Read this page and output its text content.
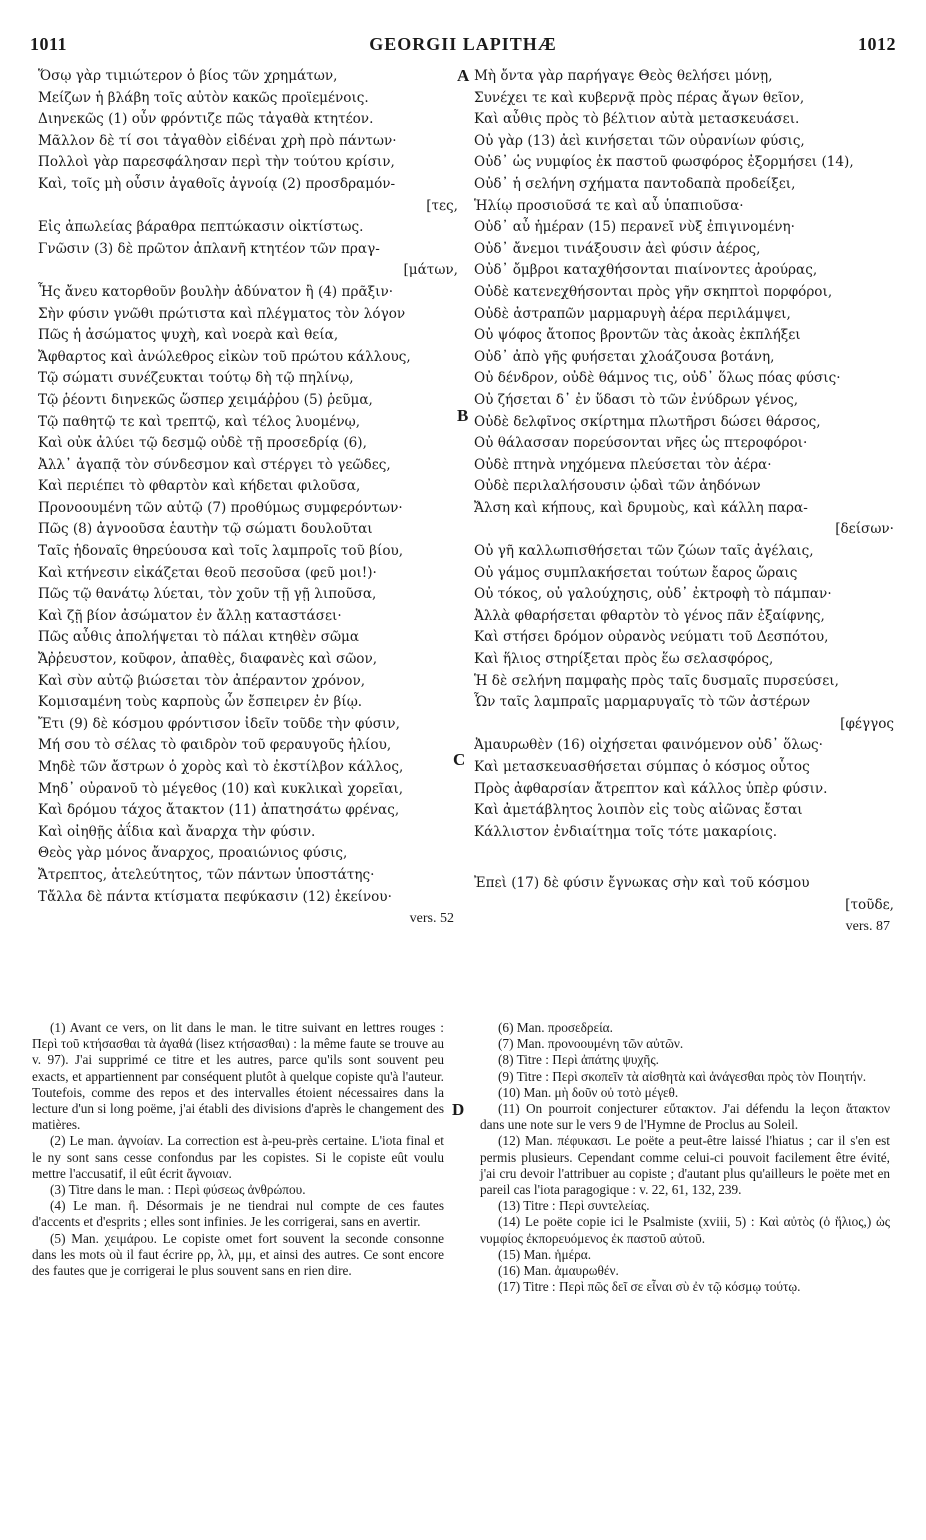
1011	GEORGII LAPITHÆ	1012
A
B
C
D
Ὅσῳ γὰρ τιμιώτερον ὁ βίος τῶν χρημάτων,
Μείζων ἡ βλάβη τοῖς αὐτὸν κακῶς προϊεμένοις.
Διηνεκῶς (1) οὖν φρόντιζε πῶς τἀγαθὰ κτητέον.
Μᾶλλον δὲ τί σοι τἀγαθὸν εἰδέναι χρὴ πρὸ πάντων·
Πολλοὶ γὰρ παρεσφάλησαν περὶ τὴν τούτου κρίσιν,
Καὶ, τοῖς μὴ οὖσιν ἀγαθοῖς ἀγνοίᾳ (2) προσδραμόν-
[τες,
Εἰς ἀπωλείας βάραθρα πεπτώκασιν οἰκτίστως.
Γνῶσιν (3) δὲ πρῶτον ἀπλανῆ κτητέον τῶν πραγ-
[μάτων,
Ἧς ἄνευ κατορθοῦν βουλὴν ἀδύνατον ἢ (4) πρᾶξιν·
Σὴν φύσιν γνῶθι πρώτιστα καὶ πλέγματος τὸν λόγον
Πῶς ἡ ἀσώματος ψυχὴ, καὶ νοερὰ καὶ θεία,
Ἄφθαρτος καὶ ἀνώλεθρος εἰκὼν τοῦ πρώτου κάλλους,
Τῷ σώματι συνέζευκται τούτῳ δὴ τῷ πηλίνῳ,
Τῷ ῥέοντι διηνεκῶς ὥσπερ χειμάῤῥου (5) ῥεῦμα,
Τῷ παθητῷ τε καὶ τρεπτῷ, καὶ τέλος λυομένῳ,
Καὶ οὐκ ἀλύει τῷ δεσμῷ οὐδὲ τῇ προσεδρίᾳ (6),
Ἀλλ᾽ ἀγαπᾷ τὸν σύνδεσμον καὶ στέργει τὸ γεῶδες,
Καὶ περιέπει τὸ φθαρτὸν καὶ κήδεται φιλοῦσα,
Προνοουμένη τῶν αὐτῷ (7) προθύμως συμφερόντων·
Πῶς (8) ἀγνοοῦσα ἑαυτὴν τῷ σώματι δουλοῦται
Ταῖς ἡδοναῖς θηρεύουσα καὶ τοῖς λαμπροῖς τοῦ βίου,
Καὶ κτήνεσιν εἰκάζεται θεοῦ πεσοῦσα (φεῦ μοι!)·
Πῶς τῷ θανάτῳ λύεται, τὸν χοῦν τῇ γῇ λιποῦσα,
Καὶ ζῇ βίον ἀσώματον ἐν ἄλλῃ καταστάσει·
Πῶς αὖθις ἀπολήψεται τὸ πάλαι κτηθὲν σῶμα
Ἄῤῥευστον, κοῦφον, ἀπαθὲς, διαφανὲς καὶ σῶον,
Καὶ σὺν αὐτῷ βιώσεται τὸν ἀπέραντον χρόνον,
Κομισαμένη τοὺς καρποὺς ὧν ἔσπειρεν ἐν βίῳ.
Ἔτι (9) δὲ κόσμου φρόντισον ἰδεῖν τοῦδε τὴν φύσιν,
Μή σου τὸ σέλας τὸ φαιδρὸν τοῦ φεραυγοῦς ἡλίου,
Μηδὲ τῶν ἄστρων ὁ χορὸς καὶ τὸ ἐκστίλβον κάλλος,
Μηδ᾽ οὐρανοῦ τὸ μέγεθος (10) καὶ κυκλικαὶ χορεῖαι,
Καὶ δρόμου τάχος ἄτακτον (11) ἀπατησάτω φρένας,
Καὶ οἰηθῇς ἀΐδια καὶ ἄναρχα τὴν φύσιν.
Θεὸς γὰρ μόνος ἄναρχος, προαιώνιος φύσις,
Ἄτρεπτος, ἀτελεύτητος, τῶν πάντων ὑποστάτης·
Τἄλλα δὲ πάντα κτίσματα πεφύκασιν (12) ἐκείνου·
vers. 52
Μὴ ὄντα γὰρ παρήγαγε Θεὸς θελήσει μόνῃ,
Συνέχει τε καὶ κυβερνᾷ πρὸς πέρας ἄγων θεῖον,
Καὶ αὖθις πρὸς τὸ βέλτιον αὐτὰ μετασκευάσει.
Οὐ γὰρ (13) ἀεὶ κινήσεται τῶν οὐρανίων φύσις,
Οὐδ᾽ ὡς νυμφίος ἐκ παστοῦ φωσφόρος ἐξορμήσει (14),
Οὐδ᾽ ἡ σελήνη σχήματα παντοδαπὰ προδείξει,
Ἡλίῳ προσιοῦσά τε καὶ αὖ ὑπαπιοῦσα·
Οὐδ᾽ αὖ ἡμέραν (15) περανεῖ νὺξ ἐπιγινομένη·
Οὐδ᾽ ἄνεμοι τινάξουσιν ἀεὶ φύσιν ἀέρος,
Οὐδ᾽ ὄμβροι καταχθήσονται πιαίνοντες ἀρούρας,
Οὐδὲ κατενεχθήσονται πρὸς γῆν σκηπτοὶ πορφόροι,
Οὐδὲ ἀστραπῶν μαρμαρυγὴ ἀέρα περιλάμψει,
Οὐ ψόφος ἄτοπος βροντῶν τὰς ἀκοὰς ἐκπλήξει
Οὐδ᾽ ἀπὸ γῆς φυήσεται χλοάζουσα βοτάνη,
Οὐ δένδρον, οὐδὲ θάμνος τις, οὐδ᾽ ὅλως πόας φύσις·
Οὐ ζήσεται δ᾽ ἐν ὕδασι τὸ τῶν ἐνύδρων γένος,
Οὐδὲ δελφῖνος σκίρτημα πλωτῆρσι δώσει θάρσος,
Οὐ θάλασσαν πορεύσονται νῆες ὡς πτεροφόροι·
Οὐδὲ πτηνὰ νηχόμενα πλεύσεται τὸν ἀέρα·
Οὐδὲ περιλαλήσουσιν ᾠδαὶ τῶν ἀηδόνων
Ἄλση καὶ κήπους, καὶ δρυμοὺς, καὶ κάλλη παρα-
[δείσων·
Οὐ γῆ καλλωπισθήσεται τῶν ζώων ταῖς ἀγέλαις,
Οὐ γάμος συμπλακήσεται τούτων ἔαρος ὥραις
Οὐ τόκος, οὐ γαλούχησις, οὐδ᾽ ἐκτροφὴ τὸ πάμπαν·
Ἀλλὰ φθαρήσεται φθαρτὸν τὸ γένος πᾶν ἐξαίφνης,
Καὶ στήσει δρόμον οὐρανὸς νεύματι τοῦ Δεσπότου,
Καὶ ἥλιος στηρίξεται πρὸς ἕω σελασφόρος,
Ἡ δὲ σελήνη παμφαὴς πρὸς ταῖς δυσμαῖς πυρσεύσει,
Ὧν ταῖς λαμπραῖς μαρμαρυγαῖς τὸ τῶν ἀστέρων
[φέγγος
Ἀμαυρωθὲν (16) οἰχήσεται φαινόμενον οὐδ᾽ ὅλως·
Καὶ μετασκευασθήσεται σύμπας ὁ κόσμος οὗτος
Πρὸς ἀφθαρσίαν ἄτρεπτον καὶ κάλλος ὑπὲρ φύσιν.
Καὶ ἀμετάβλητος λοιπὸν εἰς τοὺς αἰῶνας ἔσται
Κάλλιστον ἐνδιαίτημα τοῖς τότε μακαρίοις.
Ἐπεὶ (17) δὲ φύσιν ἔγνωκας σὴν καὶ τοῦ κόσμου
[τοῦδε,
vers. 87

(1) Avant ce vers, on lit dans le man. le titre suivant en lettres rouges : Περὶ τοῦ κτήσασθαι τὰ ἀγαθά (lisez κτήσασθαι) : la même faute se trouve au v. 97). J'ai supprimé ce titre et les autres, parce qu'ils sont souvent peu exacts, et appartiennent par conséquent plutôt à quelque copiste qu'à l'auteur. Toutefois, comme des repos et des intervalles étoient nécessaires dans la lecture d'un si long poëme, j'ai établi des divisions d'après le changement des matières.

(2) Le man. ἀγνοίαν. La correction est à-peu-près certaine. L'iota final et le ny sont sans cesse confondus par les copistes. Si le copiste eût voulu mettre l'accusatif, il eût écrit ἄγνοιαν.

(3) Titre dans le man. : Περὶ φύσεως ἀνθρώπου.

(4) Le man. ἢ. Désormais je ne tiendrai nul compte de ces fautes d'accents et d'esprits ; elles sont infinies. Je les corrigerai, sans en avertir.

(5) Man. χειμάρου. Le copiste omet fort souvent la seconde consonne dans les mots où il faut écrire ρρ, λλ, μμ, et ainsi des autres. Ce sont encore des fautes que je corrigerai le plus souvent sans en rien dire.

(6) Man. προσεδρεία.

(7) Man. προνοουμένη τῶν αὐτῶν.

(8) Titre : Περὶ ἀπάτης ψυχῆς.

(9) Titre : Περὶ σκοπεῖν τὰ αἰσθητὰ καὶ ἀνάγεσθαι πρὸς τὸν Ποιητήν.

(10) Man. μὴ δοῦν οὐ τοτὸ μέγεθ.

(11) On pourroit conjecturer εὔτακτον. J'ai défendu la leçon ἄτακτον dans une note sur le vers 9 de l'Hymne de Proclus au Soleil.

(12) Man. πέφυκασι. Le poëte a peut-être laissé l'hiatus ; car il s'en est permis plusieurs. Cependant comme celui-ci pouvoit facilement être évité, j'ai cru devoir l'attribuer au copiste ; d'autant plus qu'ailleurs le poëte met en pareil cas l'iota paragogique : v. 22, 61, 132, 239.

(13) Titre : Περὶ συντελείας.

(14) Le poëte copie ici le Psalmiste (xviii, 5) : Καὶ αὐτὸς (ὁ ἥλιος,) ὡς νυμφίος ἐκπορευόμενος ἐκ παστοῦ αὐτοῦ.

(15) Man. ἡμέρα.

(16) Man. ἀμαυρωθέν.

(17) Titre : Περὶ πῶς δεῖ σε εἶναι σὺ ἐν τῷ κόσμῳ τούτῳ.
